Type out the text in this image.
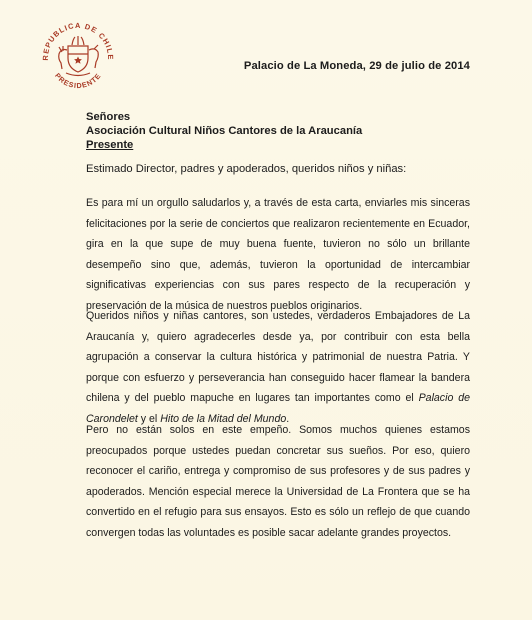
REPUBLICA DE CHILE
PRESIDENTE
Palacio de La Moneda, 29 de julio de 2014
Señores
Asociación Cultural Niños Cantores de la Araucanía
Presente
Estimado Director, padres y apoderados, queridos niños y niñas:
Es para mí un orgullo saludarlos y, a través de esta carta, enviarles mis sinceras felicitaciones por la serie de conciertos que realizaron recientemente en Ecuador, gira en la que supe de muy buena fuente, tuvieron no sólo un brillante desempeño sino que, además, tuvieron la oportunidad de intercambiar significativas experiencias con sus pares respecto de la recuperación y preservación de la música de nuestros pueblos originarios.
Queridos niños y niñas cantores, son ustedes, verdaderos Embajadores de La Araucanía y, quiero agradecerles desde ya, por contribuir con esta bella agrupación a conservar la cultura histórica y patrimonial de nuestra Patria. Y porque con esfuerzo y perseverancia han conseguido hacer flamear la bandera chilena y del pueblo mapuche en lugares tan importantes como el Palacio de Carondelet y el Hito de la Mitad del Mundo.
Pero no están solos en este empeño. Somos muchos quienes estamos preocupados porque ustedes puedan concretar sus sueños. Por eso, quiero reconocer el cariño, entrega y compromiso de sus profesores y de sus padres y apoderados. Mención especial merece la Universidad de La Frontera que se ha convertido en el refugio para sus ensayos. Esto es sólo un reflejo de que cuando convergen todas las voluntades es posible sacar adelante grandes proyectos.
